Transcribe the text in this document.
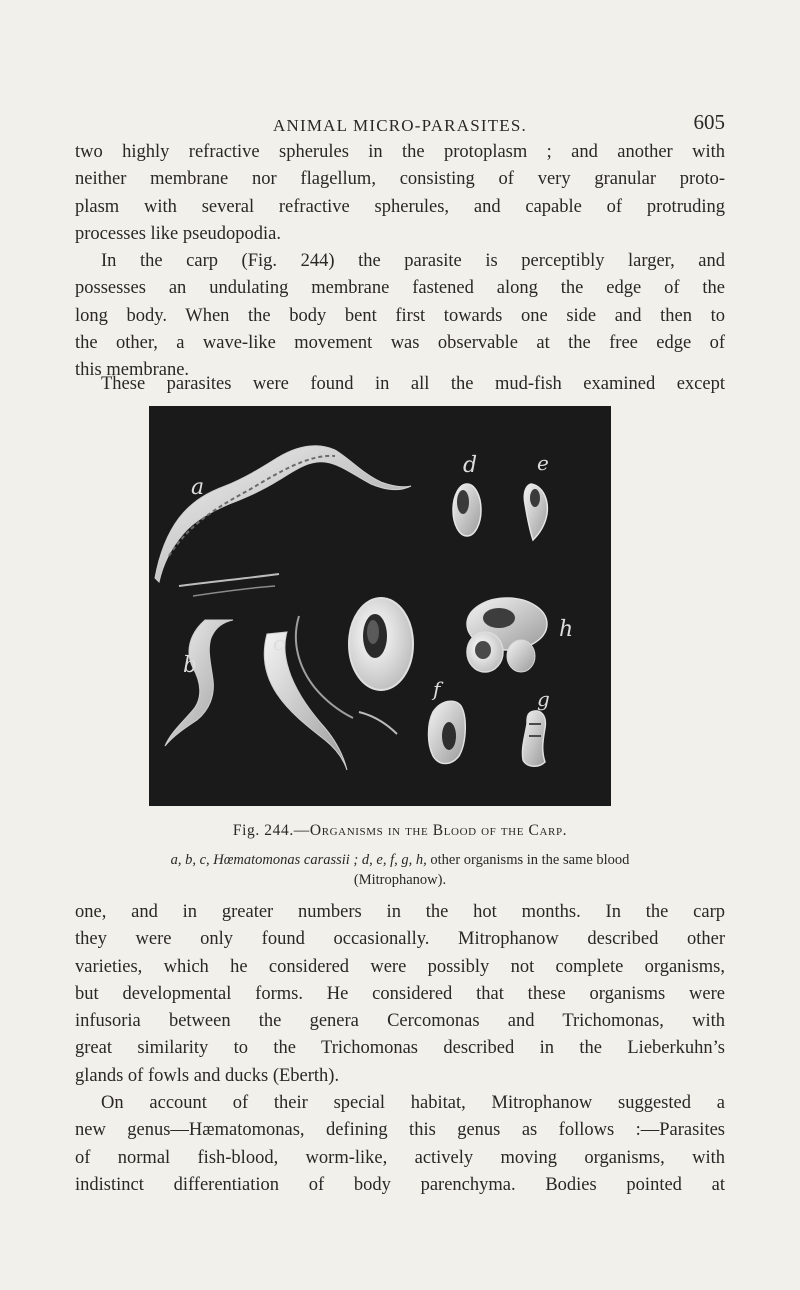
ANIMAL MICRO-PARASITES.	605

two highly refractive spherules in the protoplasm ; and another with
neither membrane nor flagellum, consisting of very granular proto-
plasm with several refractive spherules, and capable of protruding
processes like pseudopodia.

In the carp (Fig. 244) the parasite is perceptibly larger, and
possesses an undulating membrane fastened along the edge of the
long body. When the body bent first towards one side and then to
the other, a wave-like movement was observable at the free edge of
this membrane.

These parasites were found in all the mud-fish examined except

a
b
c
d	e
f	g
h
Fig. 244.—Organisms in the Blood of the Carp.
a, b, c, Hœmatomonas carassii ; d, e, f, g, h, other organisms in the same blood
(Mitrophanow).

one, and in greater numbers in the hot months. In the carp
they were only found occasionally. Mitrophanow described other
varieties, which he considered were possibly not complete organisms,
but developmental forms. He considered that these organisms were
infusoria between the genera Cercomonas and Trichomonas, with
great similarity to the Trichomonas described in the Lieberkuhn’s
glands of fowls and ducks (Eberth).

On account of their special habitat, Mitrophanow suggested a
new genus—Hæmatomonas, defining this genus as follows :—Parasites
of normal fish-blood, worm-like, actively moving organisms, with
indistinct differentiation of body parenchyma. Bodies pointed at
